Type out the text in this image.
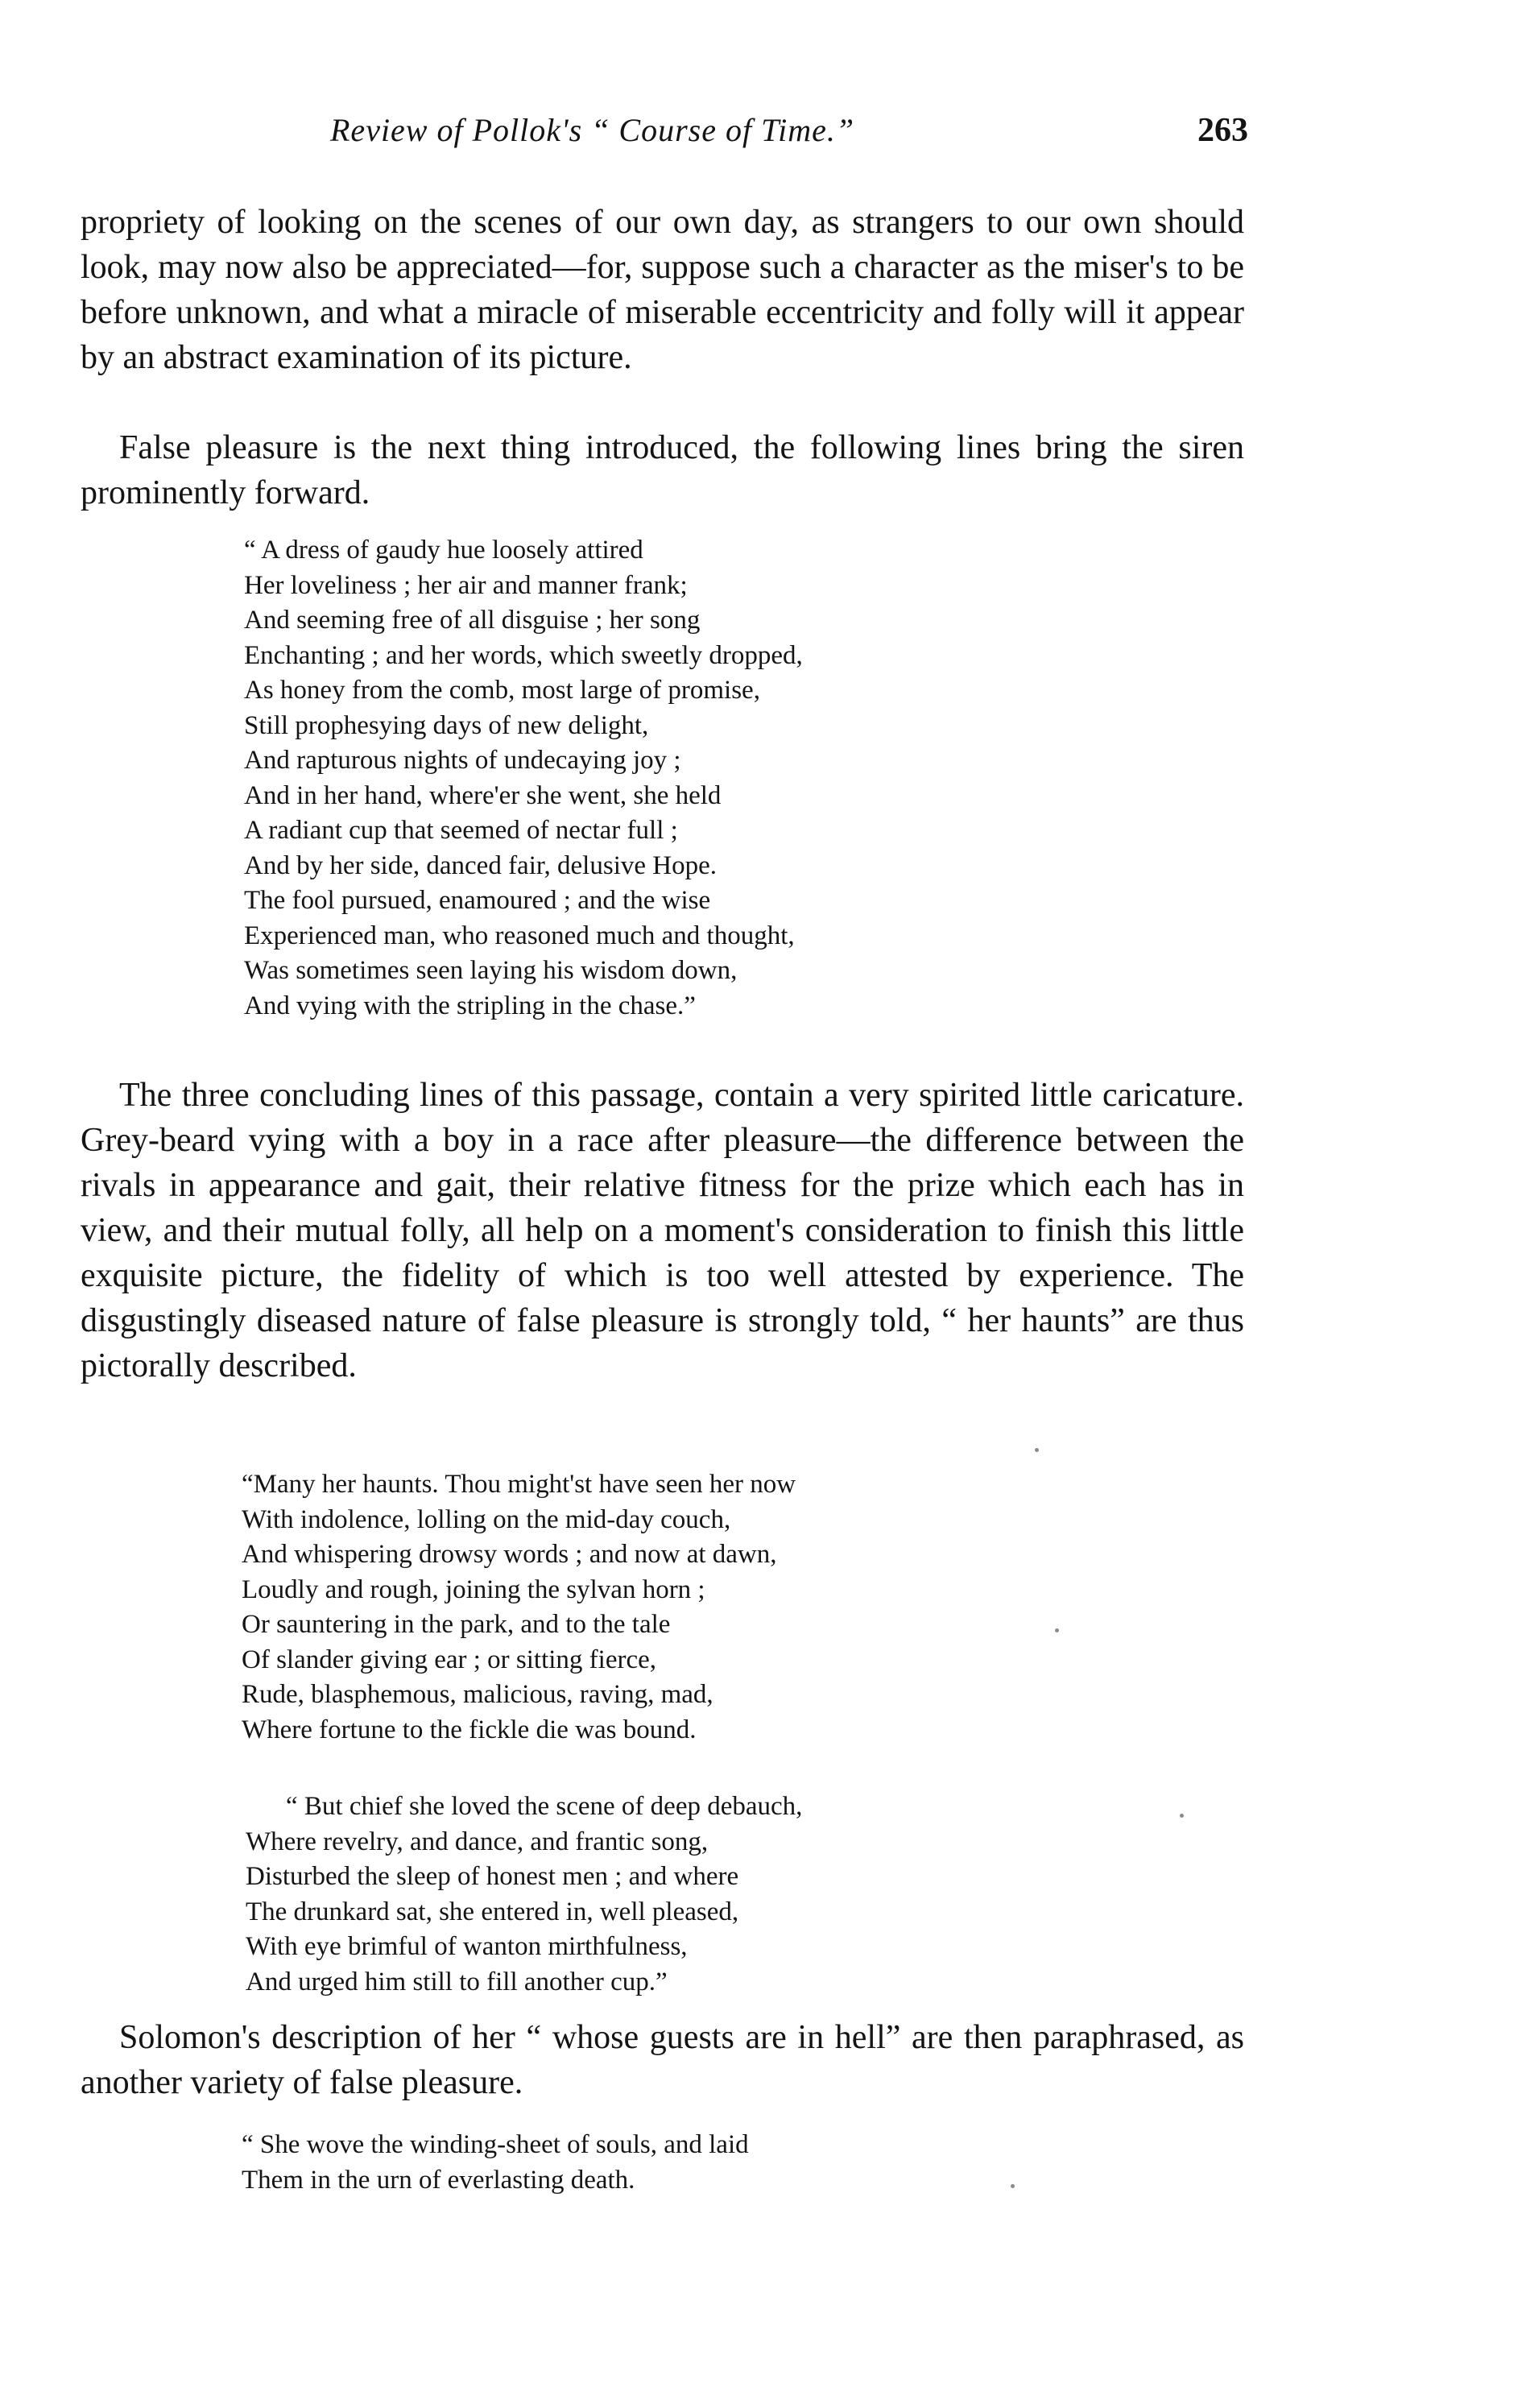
Review of Pollok's “ Course of Time.”	263

propriety of looking on the scenes of our own day, as strangers to our own should look, may now also be appreciated—for, suppose such a character as the miser's to be before unknown, and what a miracle of miserable eccentricity and folly will it appear by an abstract examination of its picture.

False pleasure is the next thing introduced, the following lines bring the siren prominently forward.

“ A dress of gaudy hue loosely attired
Her loveliness ; her air and manner frank;
And seeming free of all disguise ; her song
Enchanting ; and her words, which sweetly dropped,
As honey from the comb, most large of promise,
Still prophesying days of new delight,
And rapturous nights of undecaying joy ;
And in her hand, where'er she went, she held
A radiant cup that seemed of nectar full ;
And by her side, danced fair, delusive Hope.
The fool pursued, enamoured ; and the wise
Experienced man, who reasoned much and thought,
Was sometimes seen laying his wisdom down,
And vying with the stripling in the chase.”

The three concluding lines of this passage, contain a very spirited little caricature. Grey-beard vying with a boy in a race after pleasure—the difference between the rivals in appearance and gait, their relative fitness for the prize which each has in view, and their mutual folly, all help on a moment's consideration to finish this little exquisite picture, the fidelity of which is too well attested by experience. The disgustingly diseased nature of false pleasure is strongly told, “ her haunts” are thus pictorally described.

“Many her haunts. Thou might'st have seen her now
With indolence, lolling on the mid-day couch,
And whispering drowsy words ; and now at dawn,
Loudly and rough, joining the sylvan horn ;
Or sauntering in the park, and to the tale
Of slander giving ear ; or sitting fierce,
Rude, blasphemous, malicious, raving, mad,
Where fortune to the fickle die was bound.
“ But chief she loved the scene of deep debauch,
Where revelry, and dance, and frantic song,
Disturbed the sleep of honest men ; and where
The drunkard sat, she entered in, well pleased,
With eye brimful of wanton mirthfulness,
And urged him still to fill another cup.”

Solomon's description of her “ whose guests are in hell” are then paraphrased, as another variety of false pleasure.

“ She wove the winding-sheet of souls, and laid
Them in the urn of everlasting death.
